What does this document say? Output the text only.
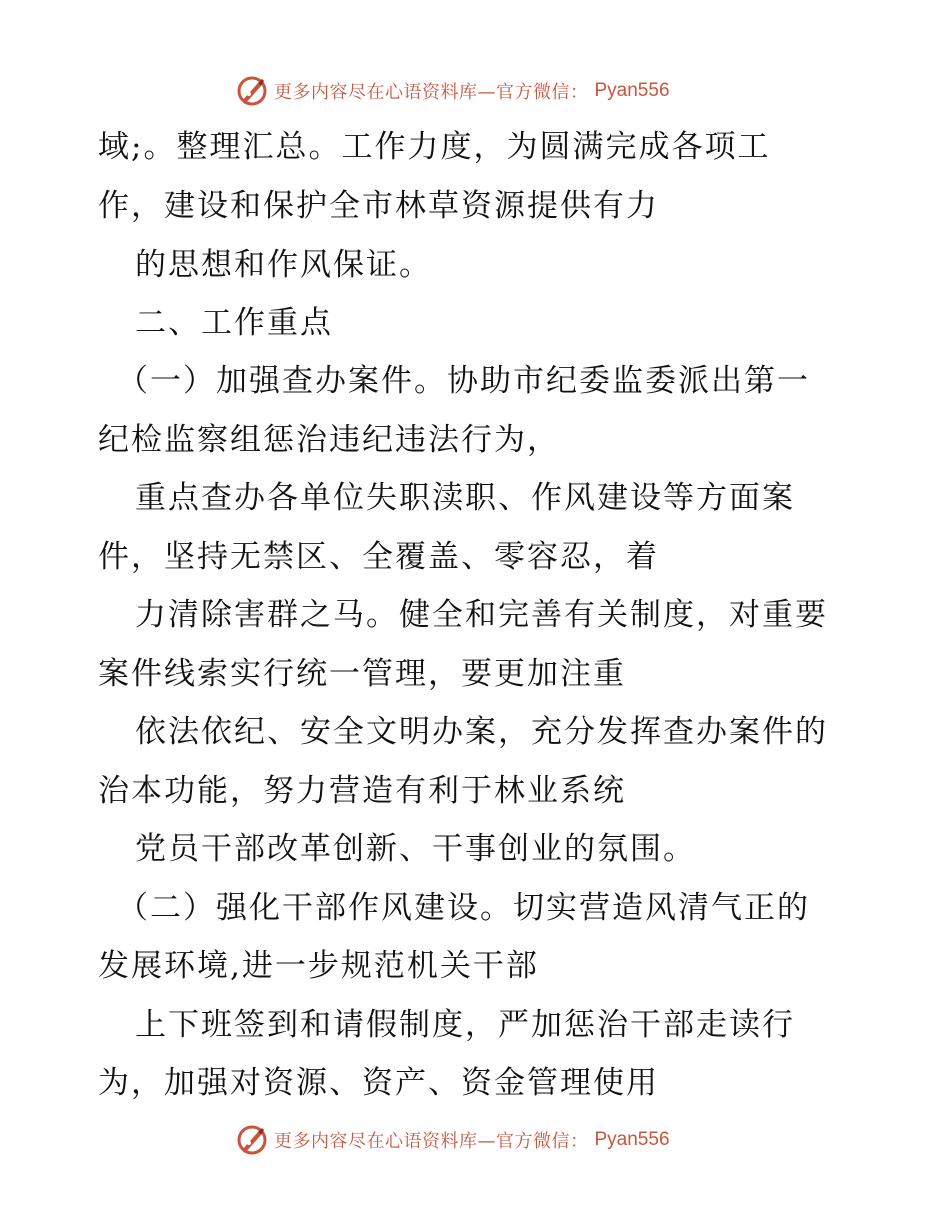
更多内容尽在心语资料库—官方微信： Pyan556
域;。整理汇总。工作力度，为圆满完成各项工
作，建设和保护全市林草资源提供有力
的思想和作风保证。
二、工作重点
（一）加强查办案件。协助市纪委监委派出第一
纪检监察组惩治违纪违法行为，
重点查办各单位失职渎职、作风建设等方面案
件，坚持无禁区、全覆盖、零容忍，着
力清除害群之马。健全和完善有关制度，对重要
案件线索实行统一管理，要更加注重
依法依纪、安全文明办案，充分发挥查办案件的
治本功能，努力营造有利于林业系统
党员干部改革创新、干事创业的氛围。
（二）强化干部作风建设。切实营造风清气正的
发展环境,进一步规范机关干部
上下班签到和请假制度，严加惩治干部走读行
为，加强对资源、资产、资金管理使用
更多内容尽在心语资料库—官方微信： Pyan556
